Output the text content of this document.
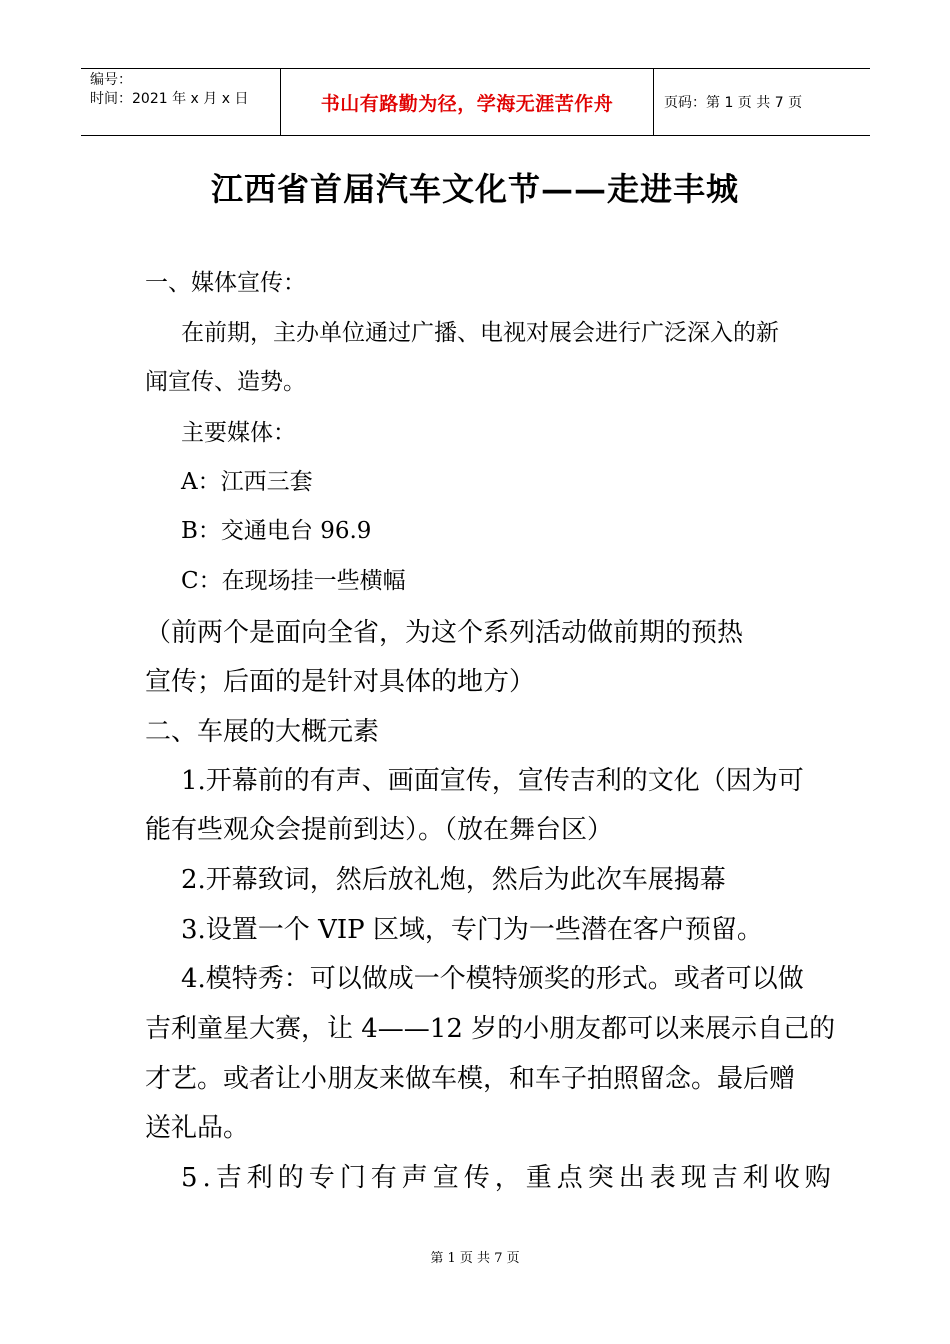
编号：
时间：2021 年 x 月 x 日	书山有路勤为径，学海无涯苦作舟	页码：第 1 页 共 7 页
江西省首届汽车文化节——走进丰城

一、媒体宣传：

在前期，主办单位通过广播、电视对展会进行广泛深入的新

闻宣传、造势。

主要媒体：

A：江西三套

B：交通电台 96.9

C：在现场挂一些横幅

（前两个是面向全省，为这个系列活动做前期的预热

宣传；后面的是针对具体的地方）

二、车展的大概元素

1.开幕前的有声、画面宣传，宣传吉利的文化（因为可

能有些观众会提前到达）。（放在舞台区）

2.开幕致词，然后放礼炮，然后为此次车展揭幕

3.设置一个 VIP 区域，专门为一些潜在客户预留。

4.模特秀：可以做成一个模特颁奖的形式。或者可以做

吉利童星大赛，让 4——12 岁的小朋友都可以来展示自己的

才艺。或者让小朋友来做车模，和车子拍照留念。最后赠

送礼品。

5.吉利的专门有声宣传，重点突出表现吉利收购

第 1 页 共 7 页
